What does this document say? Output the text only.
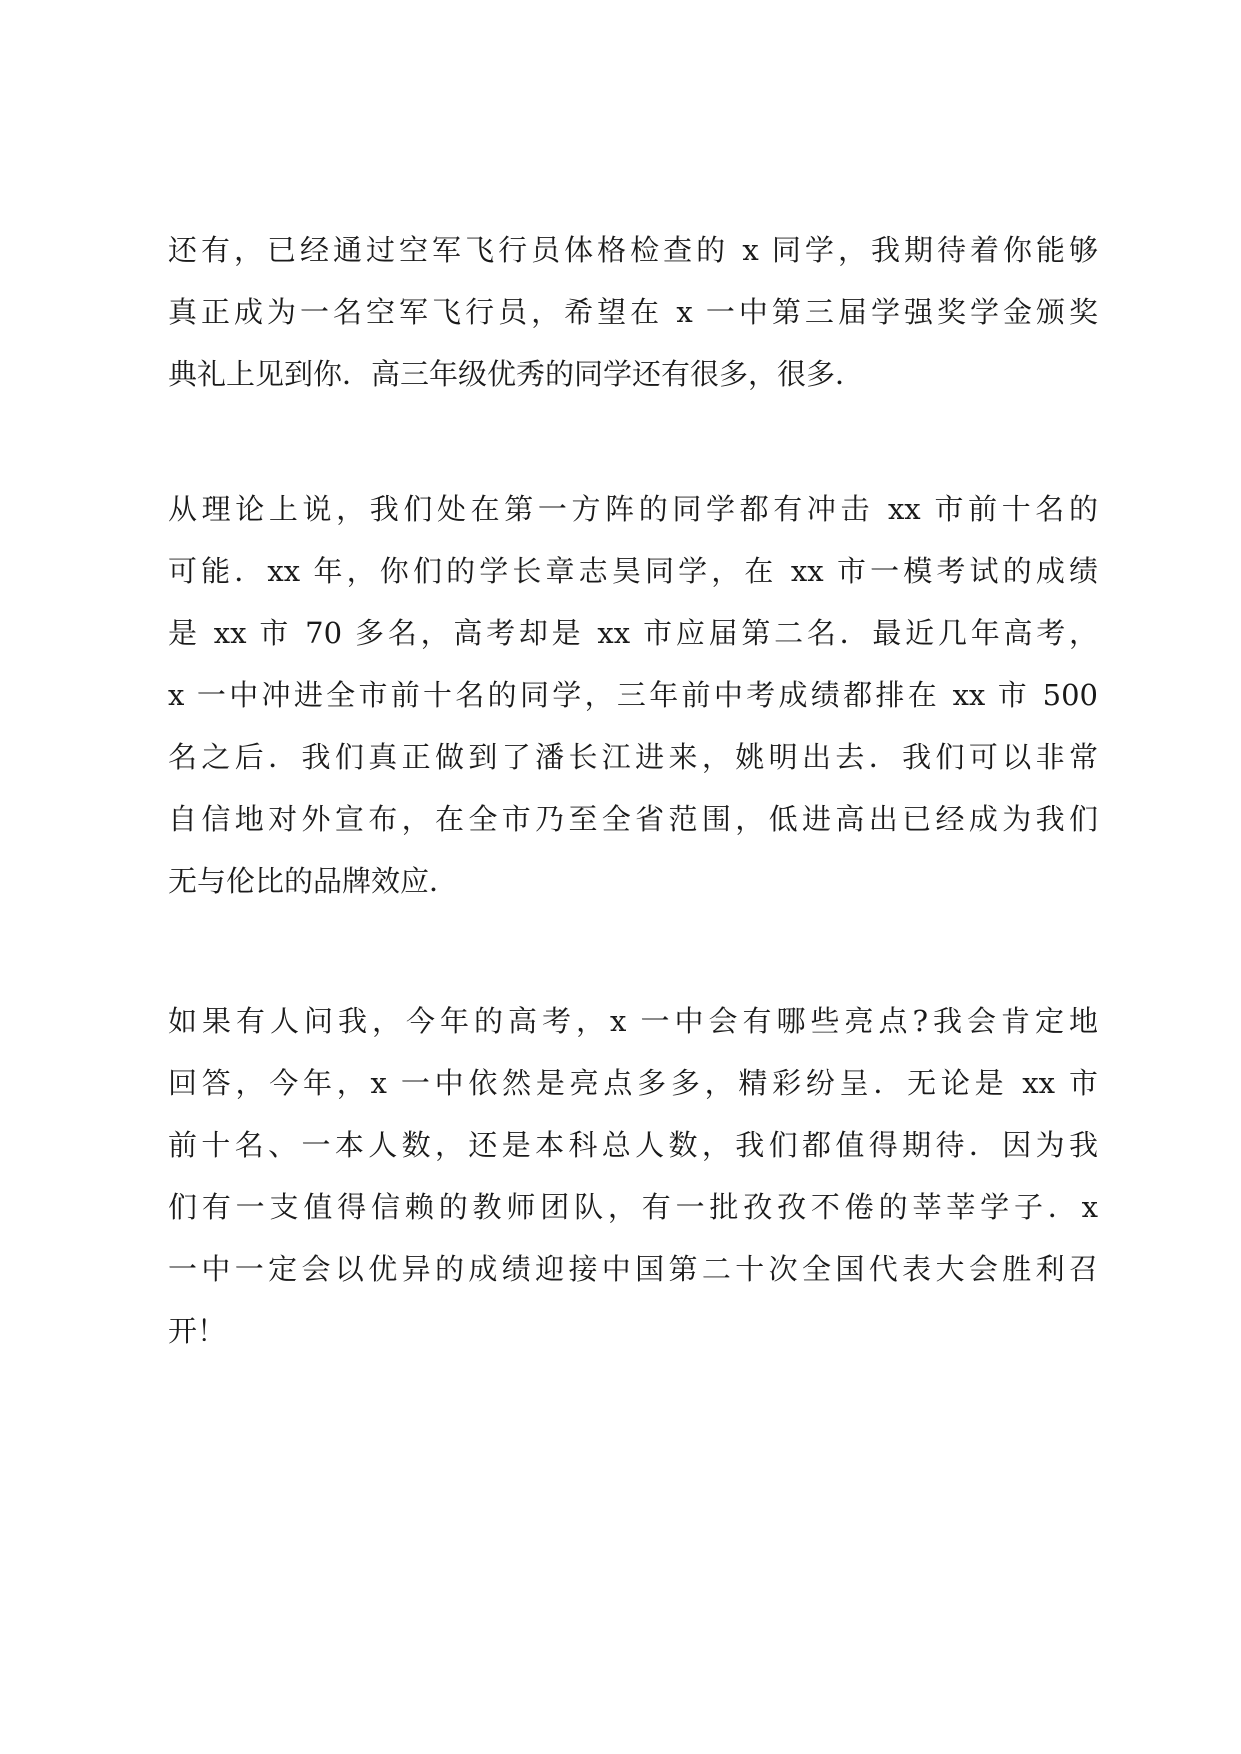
还有，已经通过空军飞行员体格检查的 x 同学，我期待着你能够
真正成为一名空军飞行员，希望在 x 一中第三届学强奖学金颁奖
典礼上见到你．高三年级优秀的同学还有很多，很多．
从理论上说，我们处在第一方阵的同学都有冲击 xx 市前十名的
可能．xx 年，你们的学长章志昊同学，在 xx 市一模考试的成绩
是 xx 市 70 多名，高考却是 xx 市应届第二名．最近几年高考，
x 一中冲进全市前十名的同学，三年前中考成绩都排在 xx 市 500
名之后．我们真正做到了潘长江进来，姚明出去．我们可以非常
自信地对外宣布，在全市乃至全省范围，低进高出已经成为我们
无与伦比的品牌效应．
如果有人问我，今年的高考，x 一中会有哪些亮点?我会肯定地
回答，今年，x 一中依然是亮点多多，精彩纷呈．无论是 xx 市
前十名、一本人数，还是本科总人数，我们都值得期待．因为我
们有一支值得信赖的教师团队，有一批孜孜不倦的莘莘学子．x
一中一定会以优异的成绩迎接中国第二十次全国代表大会胜利召
开！
